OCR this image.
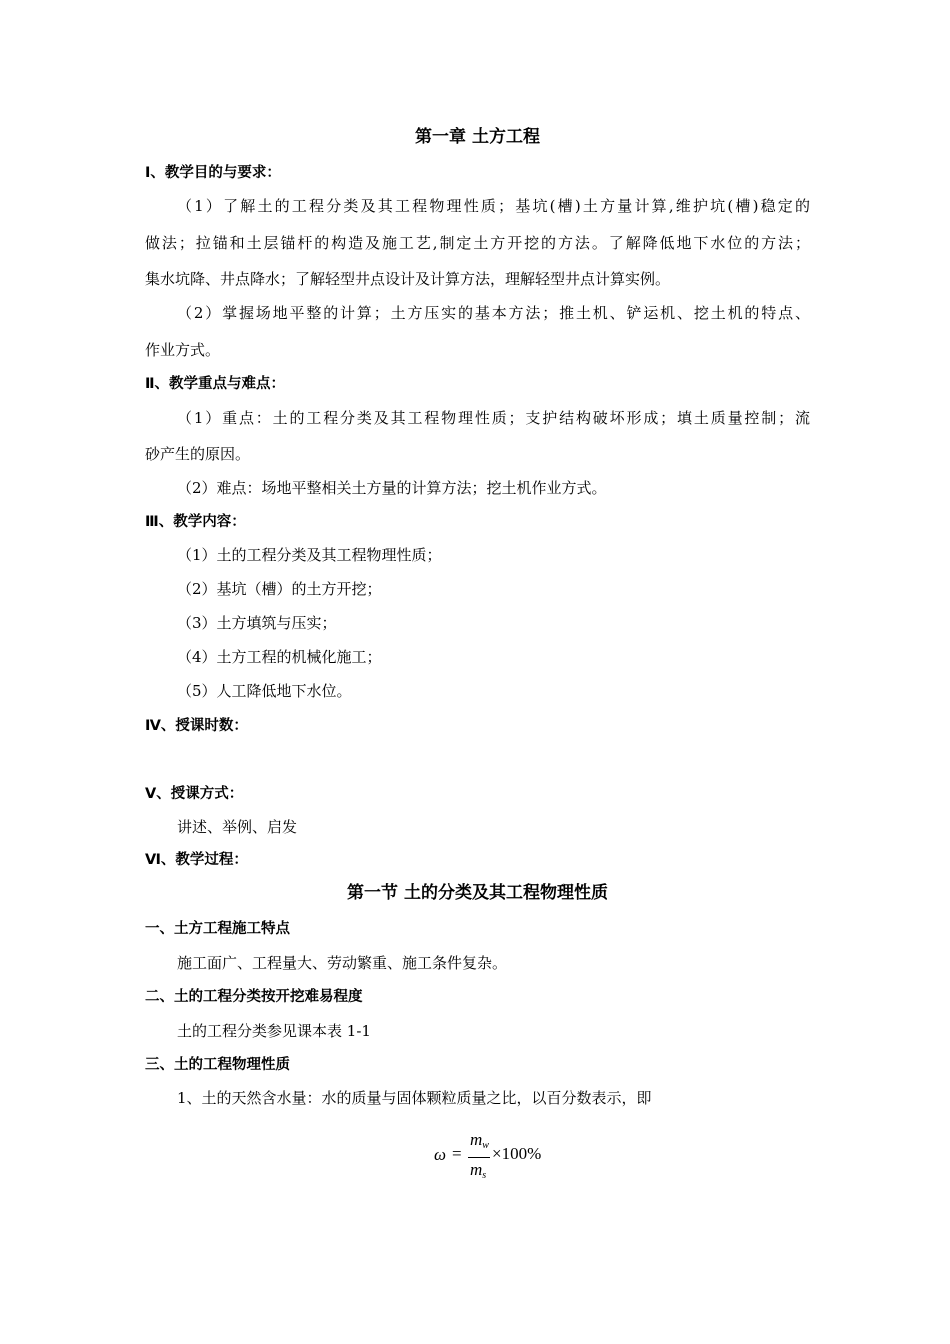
第一章 土方工程
Ⅰ、教学目的与要求：
（1）了解土的工程分类及其工程物理性质；基坑(槽)土方量计算,维护坑(槽)稳定的
做法；拉锚和土层锚杆的构造及施工艺,制定土方开挖的方法。了解降低地下水位的方法；
集水坑降、井点降水；了解轻型井点设计及计算方法，理解轻型井点计算实例。
（2）掌握场地平整的计算；土方压实的基本方法；推土机、铲运机、挖土机的特点、
作业方式。
Ⅱ、教学重点与难点：
（1）重点：土的工程分类及其工程物理性质；支护结构破坏形成；填土质量控制；流
砂产生的原因。
（2）难点：场地平整相关土方量的计算方法；挖土机作业方式。
Ⅲ、教学内容：
（1）土的工程分类及其工程物理性质；
（2）基坑（槽）的土方开挖；
（3）土方填筑与压实；
（4）土方工程的机械化施工；
（5）人工降低地下水位。
Ⅳ、授课时数：
Ⅴ、授课方式：
讲述、举例、启发
Ⅵ、教学过程：
第一节 土的分类及其工程物理性质
一、土方工程施工特点
施工面广、工程量大、劳动繁重、施工条件复杂。
二、土的工程分类按开挖难易程度
土的工程分类参见课本表 1-1
三、土的工程物理性质
1、土的天然含水量：水的质量与固体颗粒质量之比，以百分数表示，即
ω =
$m_w$
$m_s$
×100%
